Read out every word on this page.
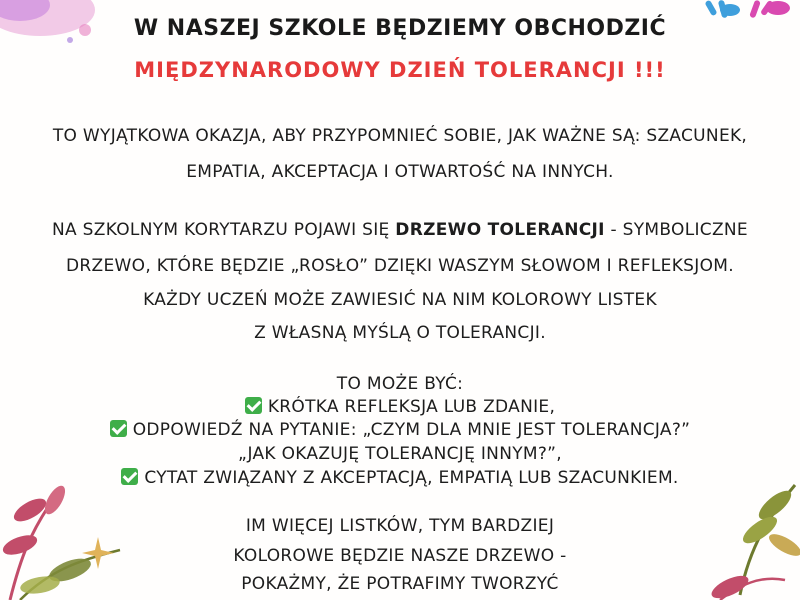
W NASZEJ SZKOLE BĘDZIEMY OBCHODZIĆ
MIĘDZYNARODOWY DZIEŃ TOLERANCJI !!!
TO WYJĄTKOWA OKAZJA, ABY PRZYPOMNIEĆ SOBIE, JAK WAŻNE SĄ: SZACUNEK,
EMPATIA, AKCEPTACJA I OTWARTOŚĆ NA INNYCH.
NA SZKOLNYM KORYTARZU POJAWI SIĘ DRZEWO TOLERANCJI - SYMBOLICZNE
DRZEWO, KTÓRE BĘDZIE „ROSŁO” DZIĘKI WASZYM SŁOWOM I REFLEKSJOM.
KAŻDY UCZEŃ MOŻE ZAWIESIĆ NA NIM KOLOROWY LISTEK
Z WŁASNĄ MYŚLĄ O TOLERANCJI.
TO MOŻE BYĆ:
KRÓTKA REFLEKSJA LUB ZDANIE,
ODPOWIEDŹ NA PYTANIE: „CZYM DLA MNIE JEST TOLERANCJA?”
„JAK OKAZUJĘ TOLERANCJĘ INNYM?”,
CYTAT ZWIĄZANY Z AKCEPTACJĄ, EMPATIĄ LUB SZACUNKIEM.
IM WIĘCEJ LISTKÓW, TYM BARDZIEJ
KOLOROWE BĘDZIE NASZE DRZEWO -
POKAŻMY, ŻE POTRAFIMY TWORZYĆ
